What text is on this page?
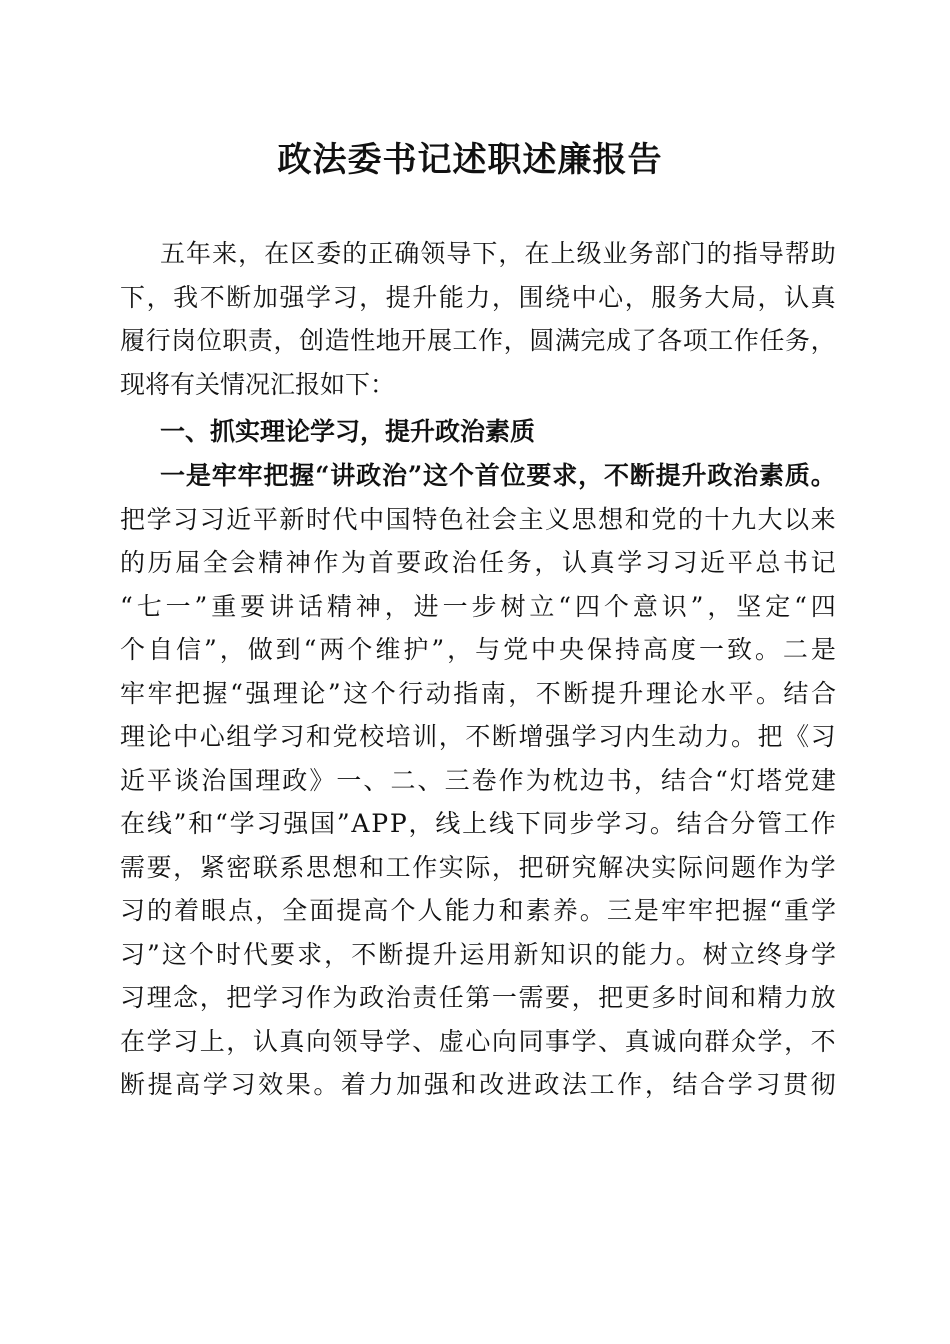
政法委书记述职述廉报告
五 年 来 ， 在 区 委 的 正 确 领 导 下 ， 在 上 级 业 务 部 门 的 指 导 帮 助
下 ， 我 不 断 加 强 学 习 ， 提 升 能 力 ， 围 绕 中 心 ， 服 务 大 局 ， 认 真
履 行 岗 位 职 责 ， 创 造 性 地 开 展 工 作 ， 圆 满 完 成 了 各 项 工 作 任 务 ，
现将有关情况汇报如下：
一、抓实理论学习，提升政治素质
一 是 牢 牢 把 握 “ 讲 政 治 ” 这 个 首 位 要 求 ， 不 断 提 升 政 治 素 质 。
把 学 习 习 近 平 新 时 代 中 国 特 色 社 会 主 义 思 想 和 党 的 十 九 大 以 来
的 历 届 全 会 精 神 作 为 首 要 政 治 任 务 ， 认 真 学 习 习 近 平 总 书 记
“ 七 一 ” 重 要 讲 话 精 神 ， 进 一 步 树 立 “ 四 个 意 识 ” ， 坚 定 “ 四
个 自 信 ” ， 做 到 “ 两 个 维 护 ” ， 与 党 中 央 保 持 高 度 一 致 。 二 是
牢 牢 把 握 “ 强 理 论 ” 这 个 行 动 指 南 ， 不 断 提 升 理 论 水 平 。 结 合
理 论 中 心 组 学 习 和 党 校 培 训 ， 不 断 增 强 学 习 内 生 动 力 。 把 《 习
近 平 谈 治 国 理 政 》 一 、 二 、 三 卷 作 为 枕 边 书 ， 结 合 “ 灯 塔 党 建
在 线 ” 和 “ 学 习 强 国 ” A P P ， 线 上 线 下 同 步 学 习 。 结 合 分 管 工 作
需 要 ， 紧 密 联 系 思 想 和 工 作 实 际 ， 把 研 究 解 决 实 际 问 题 作 为 学
习 的 着 眼 点 ， 全 面 提 高 个 人 能 力 和 素 养 。 三 是 牢 牢 把 握 “ 重 学
习 ” 这 个 时 代 要 求 ， 不 断 提 升 运 用 新 知 识 的 能 力 。 树 立 终 身 学
习 理 念 ， 把 学 习 作 为 政 治 责 任 第 一 需 要 ， 把 更 多 时 间 和 精 力 放
在 学 习 上 ， 认 真 向 领 导 学 、 虚 心 向 同 事 学 、 真 诚 向 群 众 学 ， 不
断 提 高 学 习 效 果 。 着 力 加 强 和 改 进 政 法 工 作 ， 结 合 学 习 贯 彻
